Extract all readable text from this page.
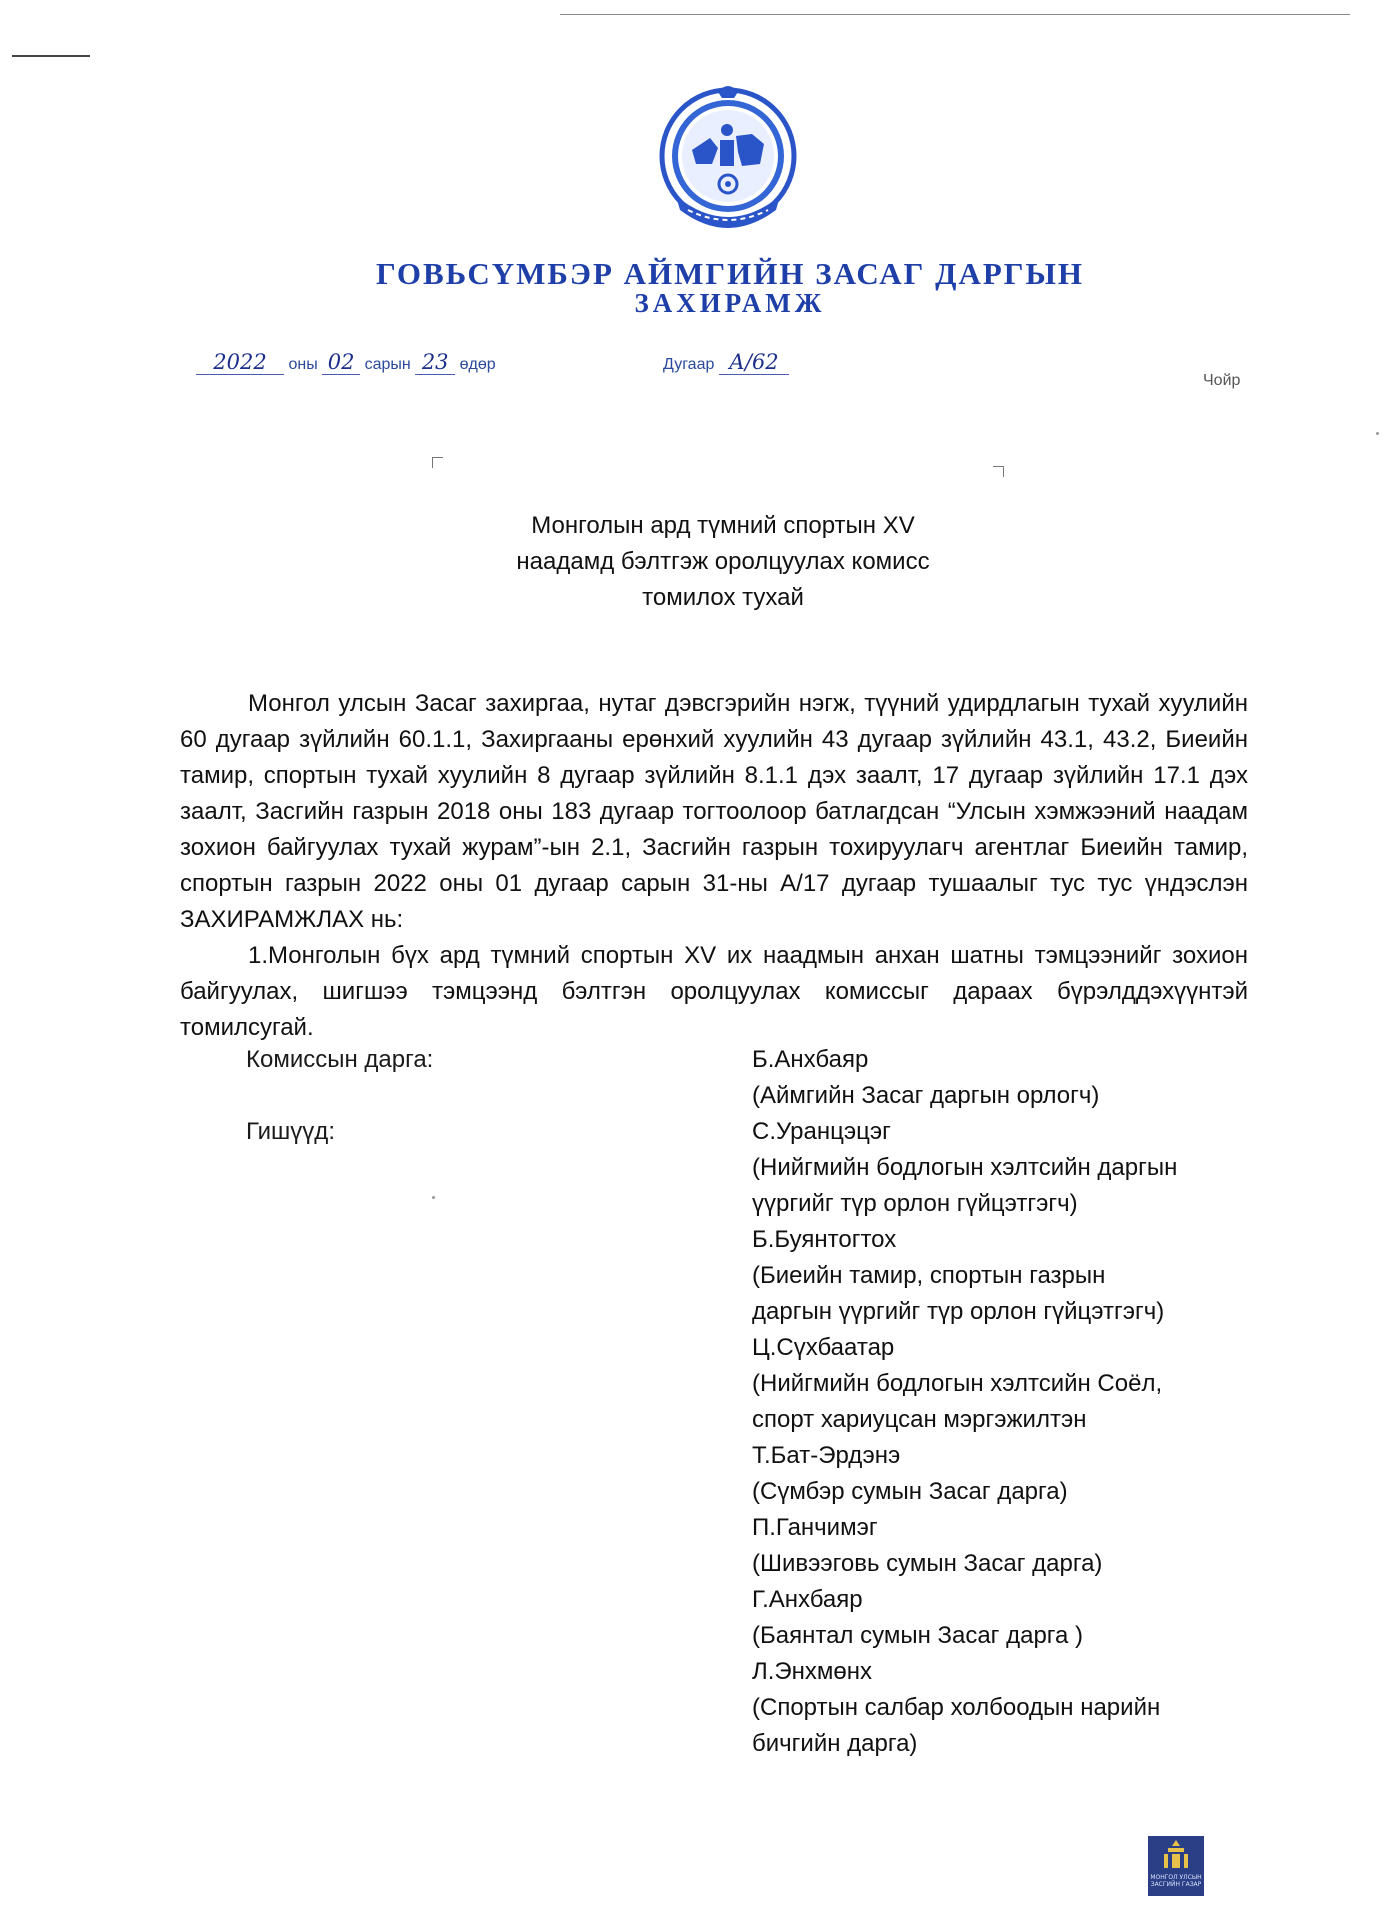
ГОВЬСҮМБЭР АЙМГИЙН ЗАСАГ ДАРГЫН
ЗАХИРАМЖ
2022 оны 02 сарын 23 өдөр	Дугаар А/62
Чойр
Монголын ард түмний спортын XV
наадамд бэлтгэж оролцуулах комисс
томилох тухай

Монгол улсын Засаг захиргаа, нутаг дэвсгэрийн нэгж, түүний удирдлагын тухай хуулийн 60 дугаар зүйлийн 60.1.1, Захиргааны ерөнхий хуулийн 43 дугаар зүйлийн 43.1, 43.2, Биеийн тамир, спортын тухай хуулийн 8 дугаар зүйлийн 8.1.1 дэх заалт, 17 дугаар зүйлийн 17.1 дэх заалт, Засгийн газрын 2018 оны 183 дугаар тогтоолоор батлагдсан “Улсын хэмжээний наадам зохион байгуулах тухай журам”-ын 2.1, Засгийн газрын тохируулагч агентлаг Биеийн тамир, спортын газрын 2022 оны 01 дугаар сарын 31-ны А/17 дугаар тушаалыг тус тус үндэслэн ЗАХИРАМЖЛАХ нь:

1.Монголын бүх ард түмний спортын XV их наадмын анхан шатны тэмцээнийг зохион байгуулах, шигшээ тэмцээнд бэлтгэн оролцуулах комиссыг дараах бүрэлддэхүүнтэй томилсугай.

Комиссын дарга:
Гишүүд:
Б.Анхбаяр
(Аймгийн Засаг даргын орлогч)
С.Уранцэцэг
(Нийгмийн бодлогын хэлтсийн даргын
үүргийг түр орлон гүйцэтгэгч)
Б.Буянтогтох
(Биеийн тамир, спортын газрын
даргын үүргийг түр орлон гүйцэтгэгч)
Ц.Сүхбаатар
(Нийгмийн бодлогын хэлтсийн Соёл,
спорт хариуцсан мэргэжилтэн
Т.Бат-Эрдэнэ
(Сүмбэр сумын Засаг дарга)
П.Ганчимэг
(Шивээговь сумын Засаг дарга)
Г.Анхбаяр
(Баянтал сумын Засаг дарга )
Л.Энхмөнх
(Спортын салбар холбоодын нарийн
бичгийн дарга)
МОНГОЛ УЛСЫН
ЗАСГИЙН ГАЗАР
